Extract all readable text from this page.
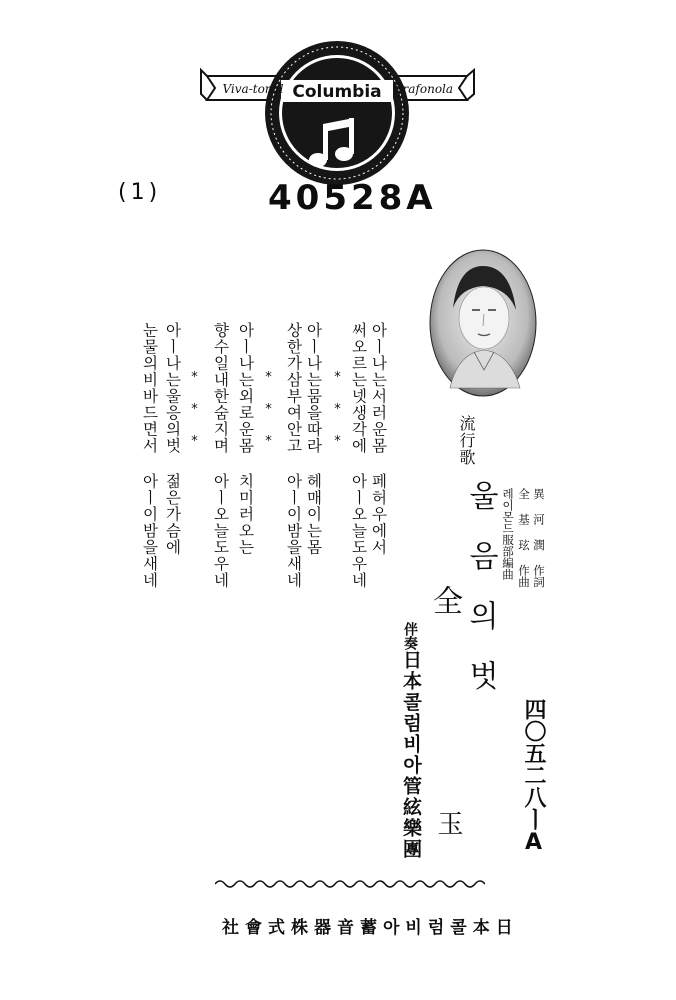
Columbia
Viva-tonal	Grafonola
(1)	40528A
아ㅣ나는서러운몸 페허우에서
써오르는넷생각에 아ㅣ오늘도우네
* * *
아ㅣ나는뭄을따라 헤매이는몸
상한가삼부여안고 아ㅣ이밤을새네
* * *
아ㅣ나는외로운몸 치미러오는
향수일내한숨지며 아ㅣ오늘도우네
* * *
아ㅣ나는울응의벗 젊은가슴에
눈물의비바드면서 아ㅣ이밤을새네	異 河 潤 作詞
全 基 玹 作曲
레이몬드服部編曲
流行歌
울음의벗
全
玉
伴奏
日本콜럼비아管絃樂團	四〇五二八ㅣA
社會式株器音蓄아비럼콜本日
